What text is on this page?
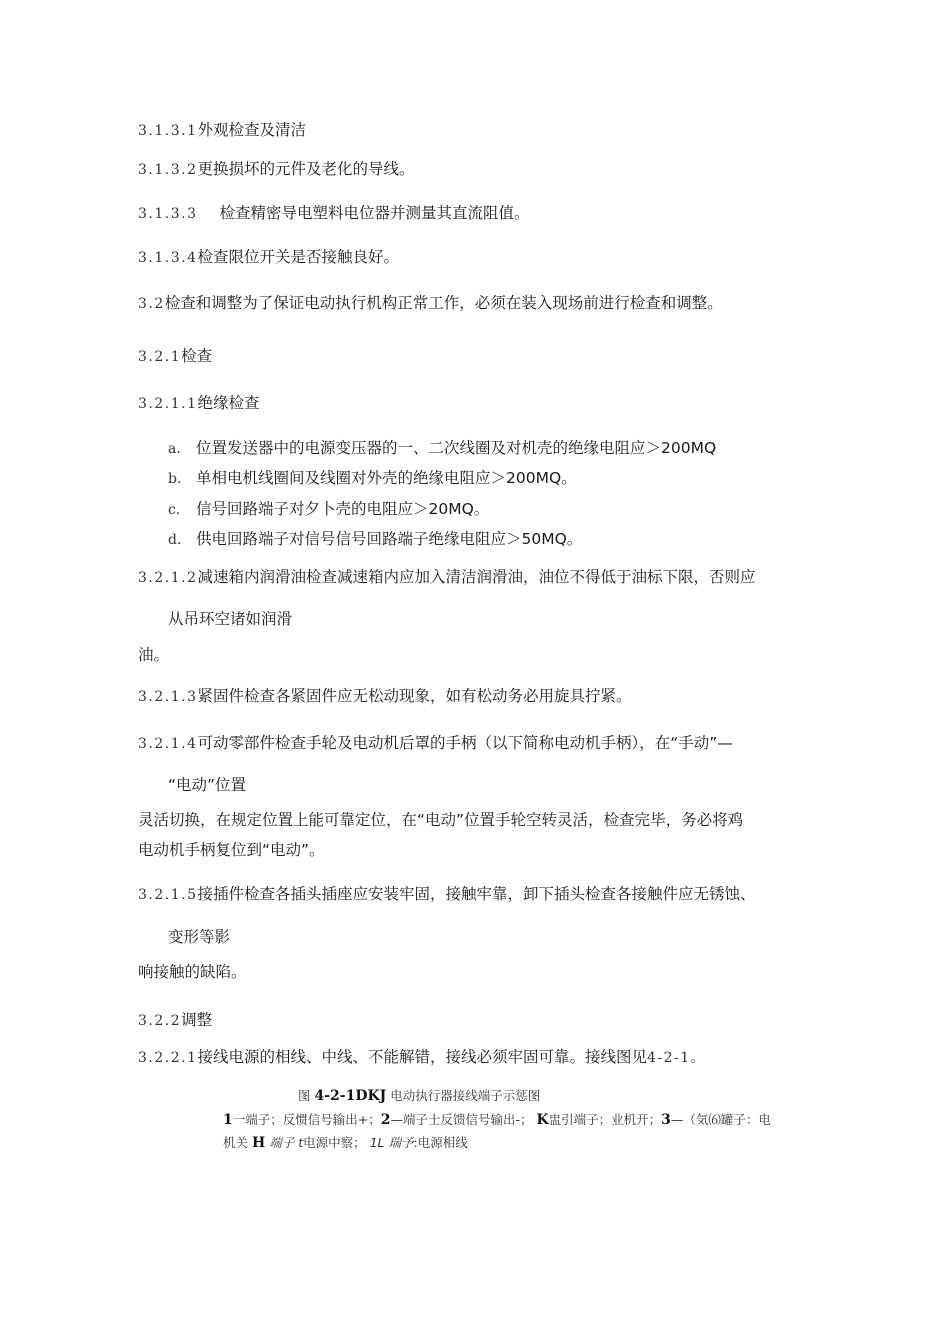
3.1.3.1外观检查及清洁
3.1.3.2更换损坏的元件及老化的导线。
3.1.3.3 检查精密导电塑料电位器并测量其直流阻值。
3.1.3.4检查限位开关是否接触良好。
3.2检查和调整为了保证电动执行机构正常工作，必须在装入现场前进行检查和调整。
3.2.1检查
3.2.1.1绝缘检查
a. 位置发送器中的电源变压器的一、二次线圈及对机壳的绝缘电阻应＞200MQ
b. 单相电机线圈间及线圈对外壳的绝缘电阻应＞200MQ。
c. 信号回路端子对夕卜壳的电阻应＞20MQ。
d. 供电回路端子对信号信号回路端子绝缘电阻应＞50MQ。
3.2.1.2减速箱内润滑油检查减速箱内应加入清洁润滑油，油位不得低于油标下限，否则应
从吊环空诸如润滑
油。
3.2.1.3紧固件检查各紧固件应无松动现象，如有松动务必用旋具拧紧。
3.2.1.4可动零部件检查手轮及电动机后罩的手柄（以下简称电动机手柄），在“手动”—
“电动”位置
灵活切换，在规定位置上能可靠定位，在“电动”位置手轮空转灵活，检查完毕，务必将鸡
电动机手柄复位到“电动”。
3.2.1.5接插件检查各插头插座应安装牢固，接触牢靠，卸下插头检查各接触件应无锈蚀、
变形等影
响接触的缺陷。
3.2.2调整
3.2.2.1接线电源的相线、中线、不能解错，接线必须牢固可靠。接线图见4-2-1。
图 4-2-1DKJ 电动执行器接线端子示惩图
1一端子；反惯信号输出+；2—端子士反馈信号输出-； K盅引端子；业机开；3—（気⑹罐子：电
机关 H 端子 t电源中察； 1L 瑞予:电源相线
